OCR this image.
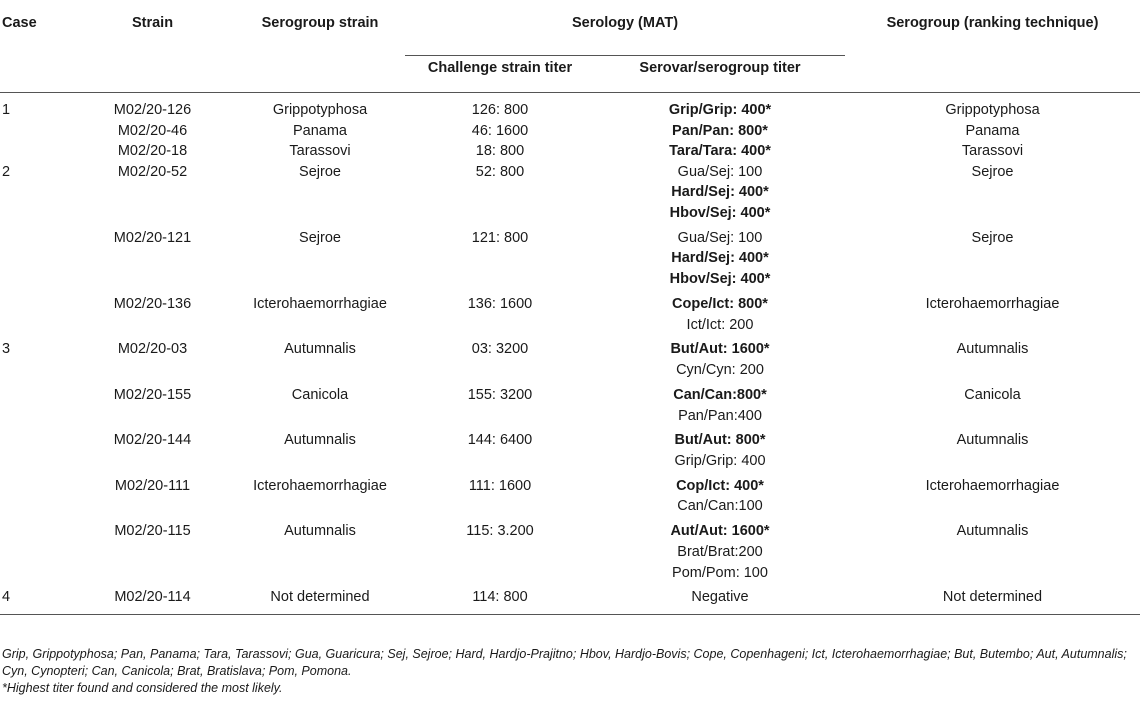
Case	Strain	Serogroup strain	Serology (MAT)		Serogroup (ranking technique)
			Challenge strain titer	Serovar/serogroup titer	
1	M02/20-126	Grippotyphosa	126: 800	Grip/Grip: 400*	Grippotyphosa
	M02/20-46	Panama	46: 1600	Pan/Pan: 800*	Panama
	M02/20-18	Tarassovi	18: 800	Tara/Tara: 400*	Tarassovi
2	M02/20-52	Sejroe	52: 800	Gua/Sej: 100
Hard/Sej: 400*
Hbov/Sej: 400*	Sejroe
	M02/20-121	Sejroe	121: 800	Gua/Sej: 100
Hard/Sej: 400*
Hbov/Sej: 400*	Sejroe
	M02/20-136	Icterohaemorrhagiae	136: 1600	Cope/Ict: 800*
Ict/Ict: 200	Icterohaemorrhagiae
3	M02/20-03	Autumnalis	03: 3200	But/Aut: 1600*
Cyn/Cyn: 200	Autumnalis
	M02/20-155	Canicola	155: 3200	Can/Can:800*
Pan/Pan:400	Canicola
	M02/20-144	Autumnalis	144: 6400	But/Aut: 800*
Grip/Grip: 400	Autumnalis
	M02/20-111	Icterohaemorrhagiae	111: 1600	Cop/Ict: 400*
Can/Can:100	Icterohaemorrhagiae
	M02/20-115	Autumnalis	115: 3.200	Aut/Aut: 1600*
Brat/Brat:200
Pom/Pom: 100	Autumnalis
4	M02/20-114	Not determined	114: 800	Negative	Not determined

Grip, Grippotyphosa; Pan, Panama; Tara, Tarassovi; Gua, Guaricura; Sej, Sejroe; Hard, Hardjo-Prajitno; Hbov, Hardjo-Bovis; Cope, Copenhageni; Ict, Icterohaemorrhagiae; But, Butembo; Aut, Autumnalis; Cyn, Cynopteri; Can, Canicola; Brat, Bratislava; Pom, Pomona.

*Highest titer found and considered the most likely.
